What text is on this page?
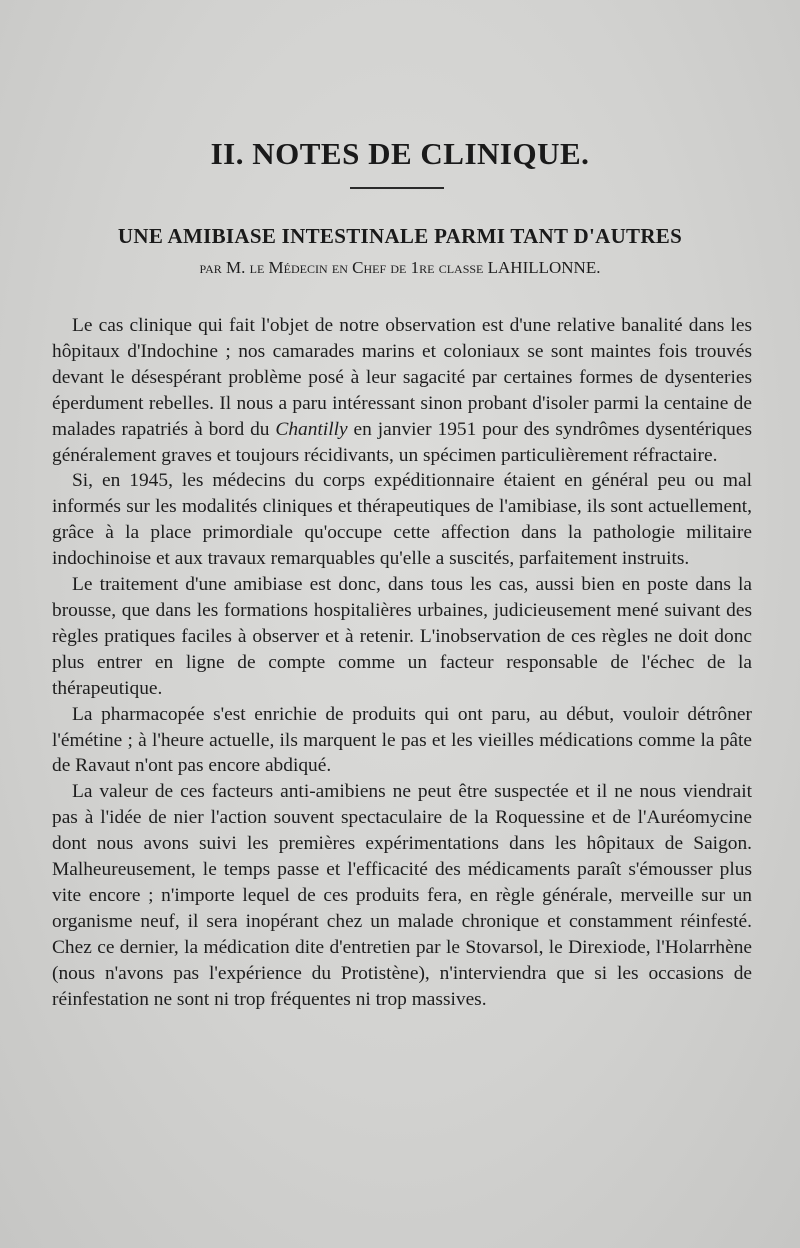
II. NOTES DE CLINIQUE.
UNE AMIBIASE INTESTINALE PARMI TANT D'AUTRES
par M. le Médecin en Chef de 1re classe LAHILLONNE.

Le cas clinique qui fait l'objet de notre observation est d'une relative banalité dans les hôpitaux d'Indochine ; nos camarades marins et coloniaux se sont maintes fois trouvés devant le désespérant problème posé à leur sagacité par certaines formes de dysenteries éperdument rebelles. Il nous a paru intéressant sinon probant d'isoler parmi la centaine de malades rapatriés à bord du Chantilly en janvier 1951 pour des syndrômes dysentériques généralement graves et toujours récidivants, un spécimen particulièrement réfractaire.

Si, en 1945, les médecins du corps expéditionnaire étaient en général peu ou mal informés sur les modalités cliniques et thérapeutiques de l'amibiase, ils sont actuellement, grâce à la place primordiale qu'occupe cette affection dans la pathologie militaire indochinoise et aux travaux remarquables qu'elle a suscités, parfaitement instruits.

Le traitement d'une amibiase est donc, dans tous les cas, aussi bien en poste dans la brousse, que dans les formations hospitalières urbaines, judicieusement mené suivant des règles pratiques faciles à observer et à retenir. L'inobservation de ces règles ne doit donc plus entrer en ligne de compte comme un facteur responsable de l'échec de la thérapeutique.

La pharmacopée s'est enrichie de produits qui ont paru, au début, vouloir détrôner l'émétine ; à l'heure actuelle, ils marquent le pas et les vieilles médications comme la pâte de Ravaut n'ont pas encore abdiqué.

La valeur de ces facteurs anti-amibiens ne peut être suspectée et il ne nous viendrait pas à l'idée de nier l'action souvent spectaculaire de la Roquessine et de l'Auréomycine dont nous avons suivi les premières expérimentations dans les hôpitaux de Saigon. Malheureusement, le temps passe et l'efficacité des médicaments paraît s'émousser plus vite encore ; n'importe lequel de ces produits fera, en règle générale, merveille sur un organisme neuf, il sera inopérant chez un malade chronique et constamment réinfesté. Chez ce dernier, la médication dite d'entretien par le Stovarsol, le Direxiode, l'Holarrhène (nous n'avons pas l'expérience du Protistène), n'interviendra que si les occasions de réinfestation ne sont ni trop fréquentes ni trop massives.
